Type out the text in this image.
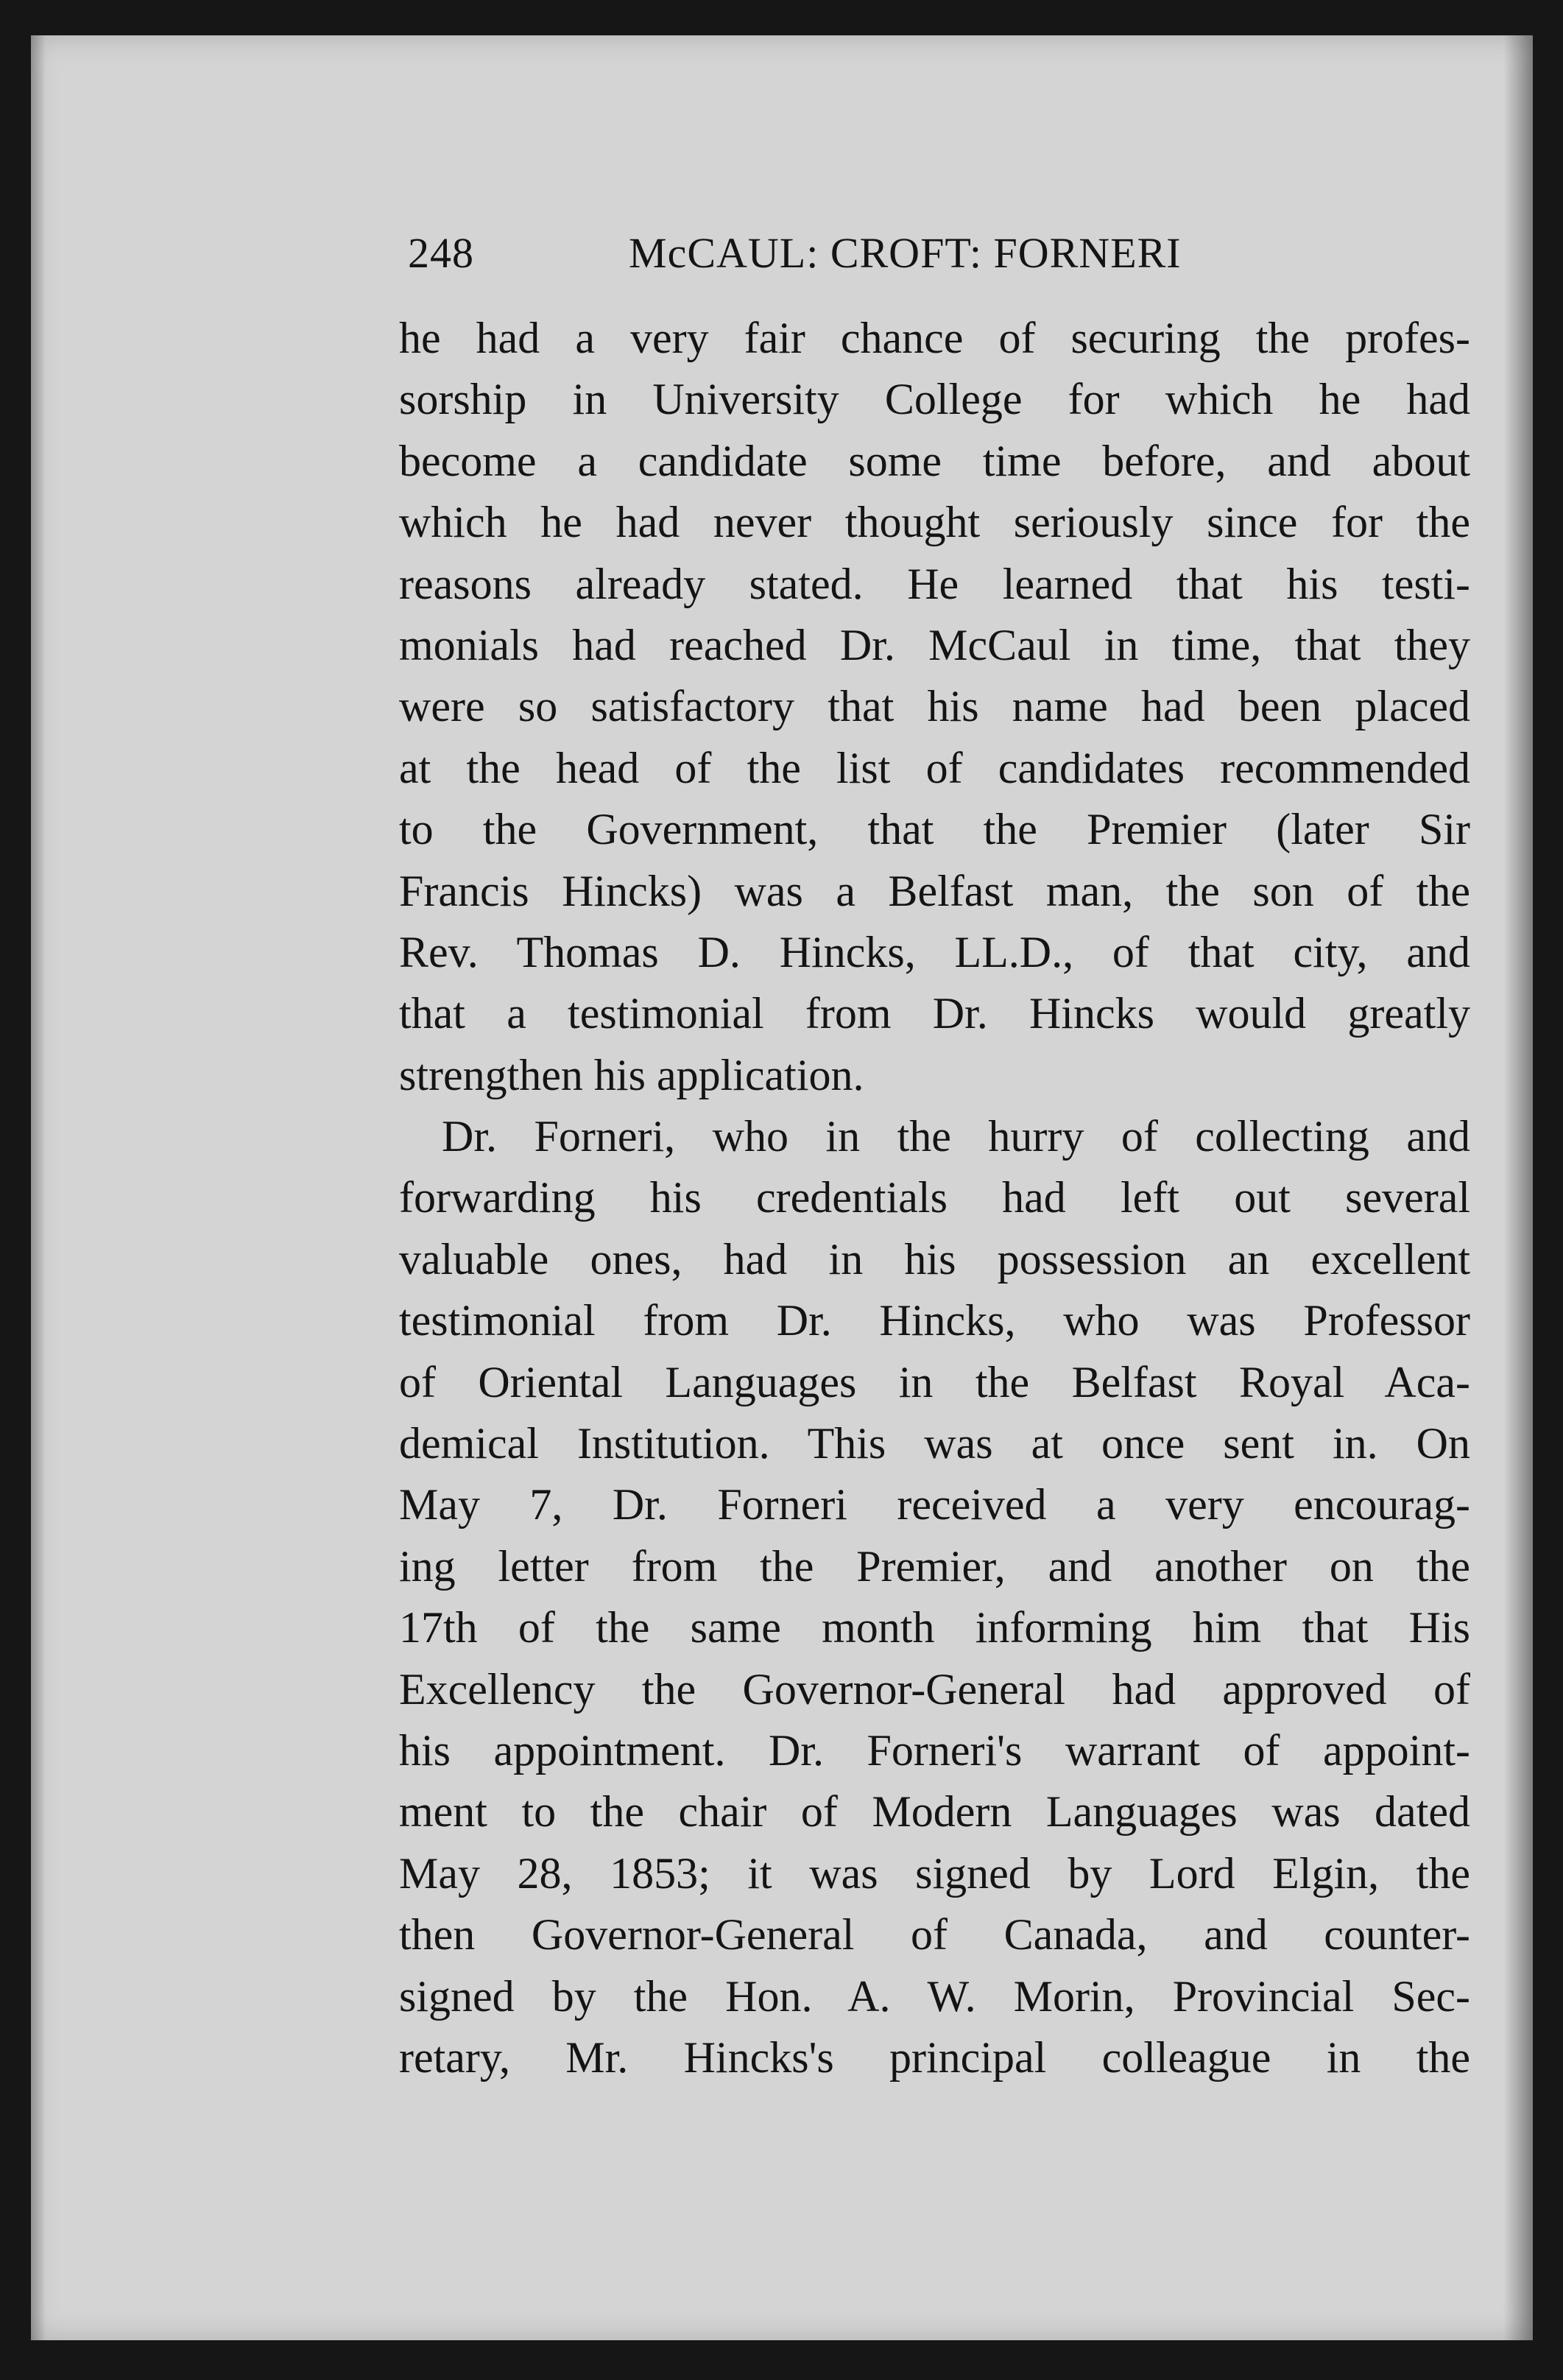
248	McCAUL: CROFT: FORNERI
he had a very fair chance of securing the profes-
sorship in University College for which he had
become a candidate some time before, and about
which he had never thought seriously since for the
reasons already stated. He learned that his testi-
monials had reached Dr. McCaul in time, that they
were so satisfactory that his name had been placed
at the head of the list of candidates recommended
to the Government, that the Premier (later Sir
Francis Hincks) was a Belfast man, the son of the
Rev. Thomas D. Hincks, LL.D., of that city, and
that a testimonial from Dr. Hincks would greatly
strengthen his application.
Dr. Forneri, who in the hurry of collecting and
forwarding his credentials had left out several
valuable ones, had in his possession an excellent
testimonial from Dr. Hincks, who was Professor
of Oriental Languages in the Belfast Royal Aca-
demical Institution. This was at once sent in. On
May 7, Dr. Forneri received a very encourag-
ing letter from the Premier, and another on the
17th of the same month informing him that His
Excellency the Governor-General had approved of
his appointment. Dr. Forneri's warrant of appoint-
ment to the chair of Modern Languages was dated
May 28, 1853; it was signed by Lord Elgin, the
then Governor-General of Canada, and counter-
signed by the Hon. A. W. Morin, Provincial Sec-
retary, Mr. Hincks's principal colleague in the
